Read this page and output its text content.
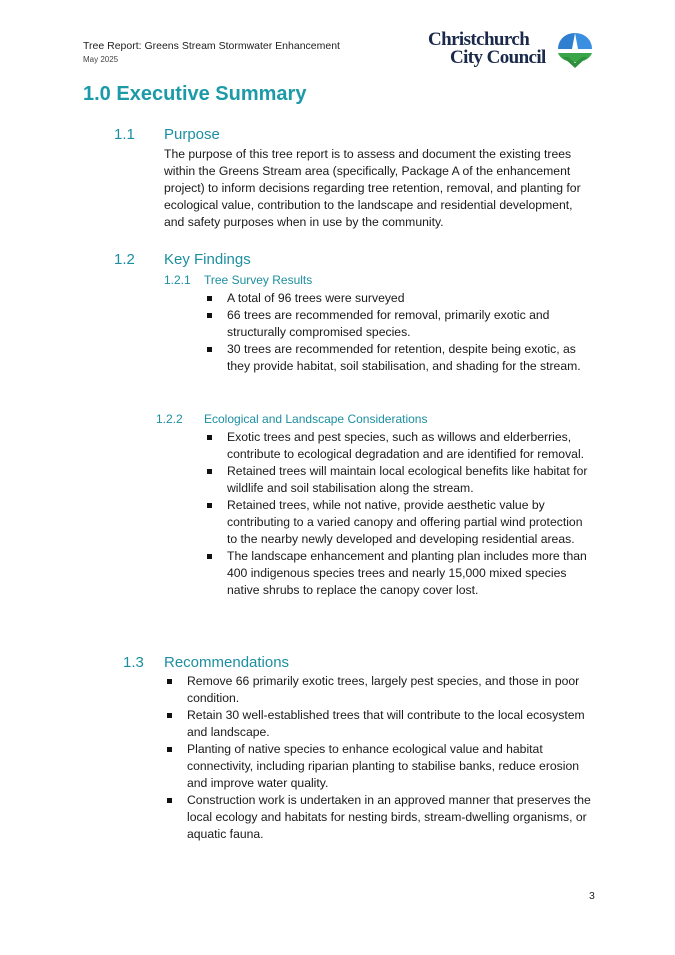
Tree Report: Greens Stream Stormwater Enhancement
May 2025
Christchurch
City Council
1.0 Executive Summary
1.1 Purpose

The purpose of this tree report is to assess and document the existing trees within the Greens Stream area (specifically, Package A of the enhancement project) to inform decisions regarding tree retention, removal, and planting for ecological value, contribution to the landscape and residential development, and safety purposes when in use by the community.

1.2 Key Findings
1.2.1 Tree Survey Results
A total of 96 trees were surveyed
66 trees are recommended for removal, primarily exotic and structurally compromised species.
30 trees are recommended for retention, despite being exotic, as they provide habitat, soil stabilisation, and shading for the stream.
1.2.2 Ecological and Landscape Considerations
Exotic trees and pest species, such as willows and elderberries, contribute to ecological degradation and are identified for removal.
Retained trees will maintain local ecological benefits like habitat for wildlife and soil stabilisation along the stream.
Retained trees, while not native, provide aesthetic value by contributing to a varied canopy and offering partial wind protection to the nearby newly developed and developing residential areas.
The landscape enhancement and planting plan includes more than 400 indigenous species trees and nearly 15,000 mixed species native shrubs to replace the canopy cover lost.
1.3 Recommendations
Remove 66 primarily exotic trees, largely pest species, and those in poor condition.
Retain 30 well-established trees that will contribute to the local ecosystem and landscape.
Planting of native species to enhance ecological value and habitat connectivity, including riparian planting to stabilise banks, reduce erosion and improve water quality.
Construction work is undertaken in an approved manner that preserves the local ecology and habitats for nesting birds, stream-dwelling organisms, or aquatic fauna.
3
